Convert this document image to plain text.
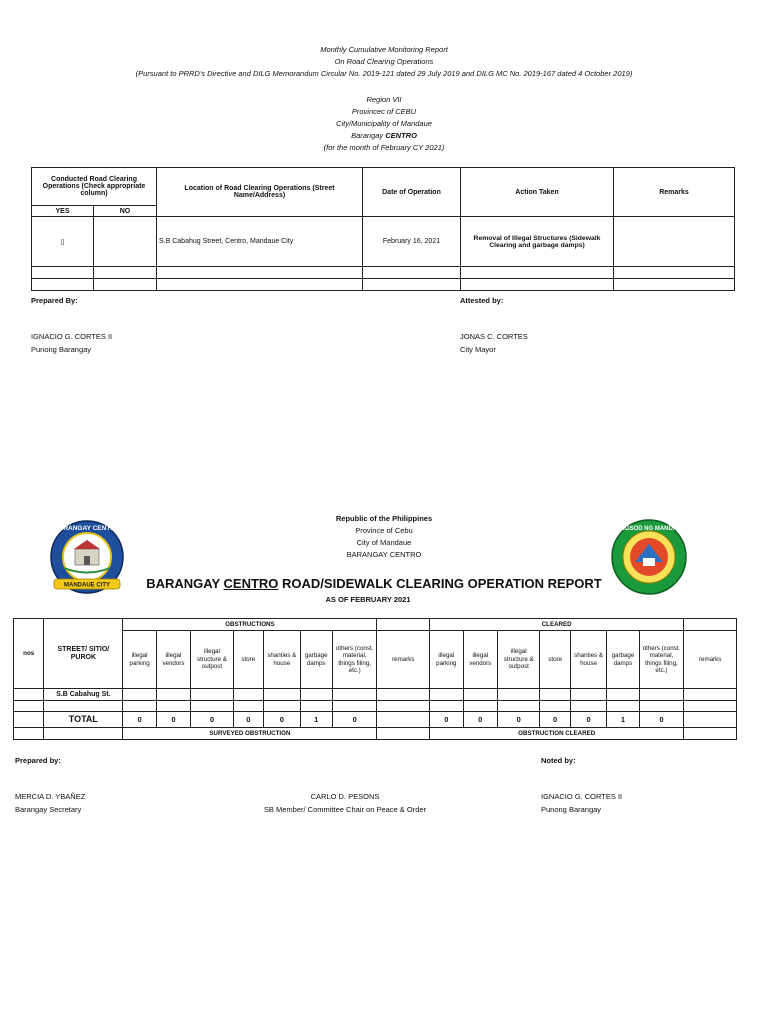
Monthly Cumulative Monitoring Report
On Road Clearing Operations
(Pursuant to PRRD's Directive and DILG Memorandum Circular No. 2019-121 dated 29 July 2019 and DILG MC No. 2019-167 dated 4 October 2019)
Region VII
Provincec of CEBU
City/Municipality of Mandaue
Barangay CENTRO
(for the month of February CY 2021)
Conducted Road Clearing Operations (Check appropriate column)		Location of Road Clearing Operations (Street Name/Address)	Date of Operation	Action Taken	Remarks
YES	NO				
▯		S.B Cabahug Street, Centro, Mandaue City	February 16, 2021	Removal of Illegal Structures (Sidewalk Clearing and garbage damps)	

Prepared By:	Attested by:
IGNACIO G. CORTES II
Punong Barangay
JONAS C. CORTES
City Mayor
Republic of the Philippines
Province of Cebu
City of Mandaue
BARANGAY CENTRO
MANDAUE CITY
BARANGAY CENTRO	LUNGSOD NG MANDAUE
BARANGAY CENTRO ROAD/SIDEWALK CLEARING OPERATION REPORT
AS OF FEBRUARY 2021
nos	STREET/ SITIO/ PUROK	OBSTRUCTIONS								CLEARED							
		illegal parking	illegal vendors	illegal structure & outpost	store	shanties & house	garbage damps	others (const. material, things filing, etc.)	remarks	illegal parking	illegal vendors	illegal structure & outpost	store	shanties & house	garbage damps	others (const. material, things filing, etc.)	remarks
	S.B Cabahug St.																

	TOTAL	0	0	0	0	0	1	0		0	0	0	0	0	1	0	
		SURVEYED OBSTRUCTION								OBSTRUCTION CLEARED							
Prepared by:	Noted by:
MERCIA D. YBAÑEZ
Barangay Secretary
CARLO D. PESONS
SB Member/ Committee Chair on Peace & Order
IGNACIO G. CORTES II
Punong Barangay
